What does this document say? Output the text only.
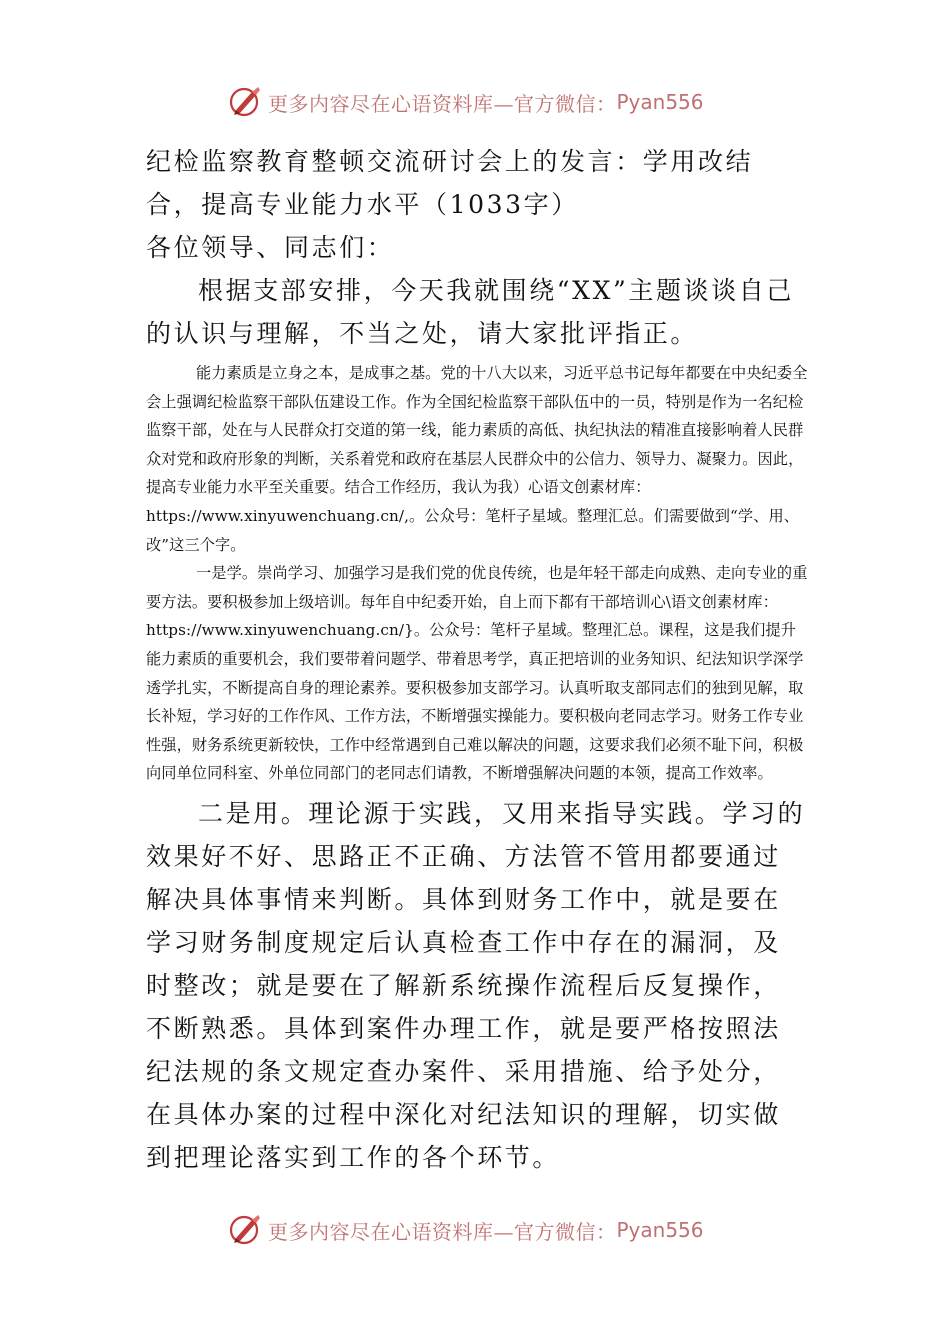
更多内容尽在心语资料库—官方微信： Pyan556

纪检监察教育整顿交流研讨会上的发言：学用改结合，提高专业能力水平（1033字）

各位领导、同志们：

根据支部安排，今天我就围绕“XX”主题谈谈自己的认识与理解，不当之处，请大家批评指正。

能力素质是立身之本，是成事之基。党的十八大以来，习近平总书记每年都要在中央纪委全会上强调纪检监察干部队伍建设工作。作为全国纪检监察干部队伍中的一员，特别是作为一名纪检监察干部，处在与人民群众打交道的第一线，能力素质的高低、执纪执法的精准直接影响着人民群众对党和政府形象的判断，关系着党和政府在基层人民群众中的公信力、领导力、凝聚力。因此，提高专业能力水平至关重要。结合工作经历，我认为我）心语文创素材库：https://www.xinyuwenchuang.cn/,。公众号：笔杆子星域。整理汇总。们需要做到“学、用、改”这三个字。

一是学。崇尚学习、加强学习是我们党的优良传统，也是年轻干部走向成熟、走向专业的重要方法。要积极参加上级培训。每年自中纪委开始，自上而下都有干部培训心\语文创素材库：https://www.xinyuwenchuang.cn/}。公众号：笔杆子星域。整理汇总。课程，这是我们提升能力素质的重要机会，我们要带着问题学、带着思考学，真正把培训的业务知识、纪法知识学深学透学扎实，不断提高自身的理论素养。要积极参加支部学习。认真听取支部同志们的独到见解，取长补短，学习好的工作作风、工作方法，不断增强实操能力。要积极向老同志学习。财务工作专业性强，财务系统更新较快，工作中经常遇到自己难以解决的问题，这要求我们必须不耻下问，积极向同单位同科室、外单位同部门的老同志们请教，不断增强解决问题的本领，提高工作效率。

二是用。理论源于实践，又用来指导实践。学习的效果好不好、思路正不正确、方法管不管用都要通过解决具体事情来判断。具体到财务工作中，就是要在学习财务制度规定后认真检查工作中存在的漏洞，及时整改；就是要在了解新系统操作流程后反复操作，不断熟悉。具体到案件办理工作，就是要严格按照法纪法规的条文规定查办案件、采用措施、给予处分，在具体办案的过程中深化对纪法知识的理解，切实做到把理论落实到工作的各个环节。

更多内容尽在心语资料库—官方微信： Pyan556
